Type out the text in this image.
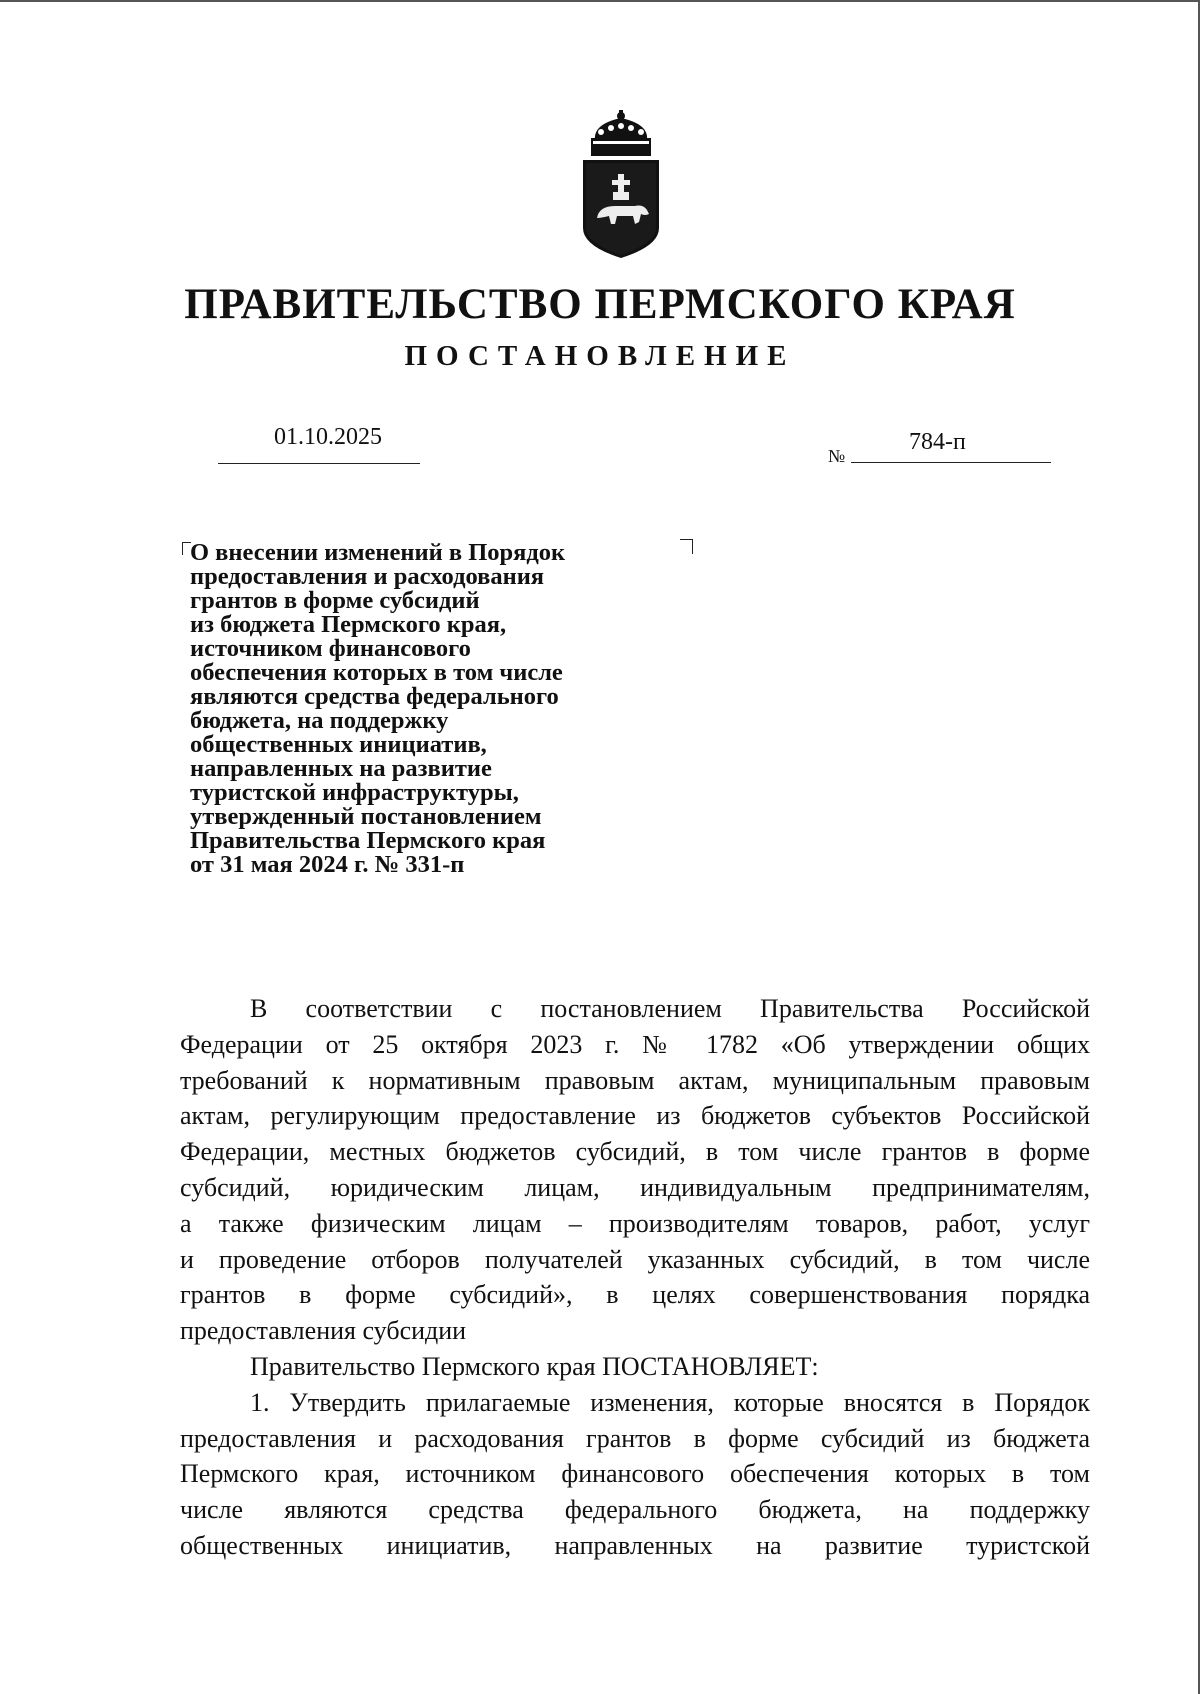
ПРАВИТЕЛЬСТВО ПЕРМСКОГО КРАЯ
ПОСТАНОВЛЕНИЕ
01.10.2025
№
784-п
О внесении изменений в Порядок
предоставления и расходования
грантов в форме субсидий
из бюджета Пермского края,
источником финансового
обеспечения которых в том числе
являются средства федерального
бюджета, на поддержку
общественных инициатив,
направленных на развитие
туристской инфраструктуры,
утвержденный постановлением
Правительства Пермского края
от 31 мая 2024 г. № 331-п
В соответствии с постановлением Правительства Российской
Федерации от 25 октября 2023 г. № 1782 «Об утверждении общих
требований к нормативным правовым актам, муниципальным правовым
актам, регулирующим предоставление из бюджетов субъектов Российской
Федерации, местных бюджетов субсидий, в том числе грантов в форме
субсидий, юридическим лицам, индивидуальным предпринимателям,
а также физическим лицам – производителям товаров, работ, услуг
и проведение отборов получателей указанных субсидий, в том числе
грантов в форме субсидий», в целях совершенствования порядка
предоставления субсидии
Правительство Пермского края ПОСТАНОВЛЯЕТ:
1. Утвердить прилагаемые изменения, которые вносятся в Порядок
предоставления и расходования грантов в форме субсидий из бюджета
Пермского края, источником финансового обеспечения которых в том
числе являются средства федерального бюджета, на поддержку
общественных инициатив, направленных на развитие туристской
